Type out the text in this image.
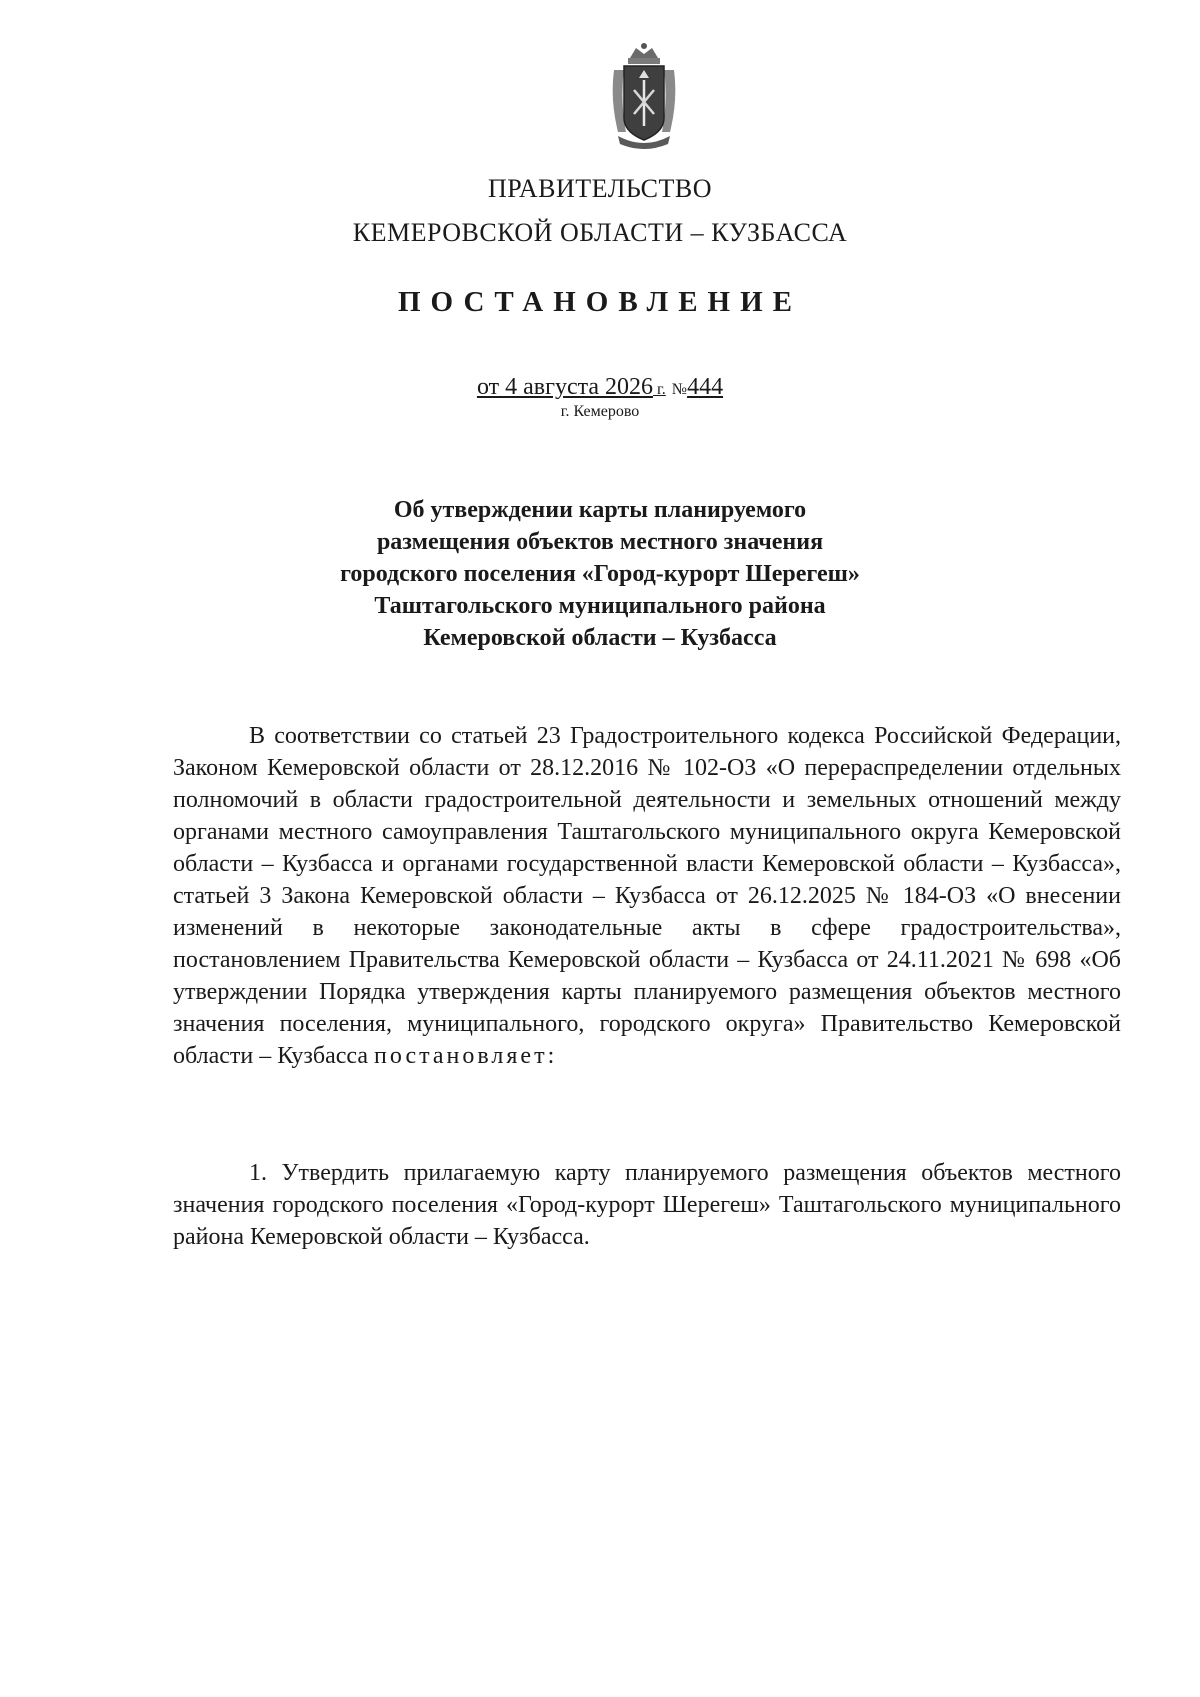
ПРАВИТЕЛЬСТВО
КЕМЕРОВСКОЙ ОБЛАСТИ – КУЗБАССА
ПОСТАНОВЛЕНИЕ
от 4 августа 2026 г. №444
г. Кемерово
Об утверждении карты планируемого
размещения объектов местного значения
городского поселения «Город-курорт Шерегеш»
Таштагольского муниципального района
Кемеровской области – Кузбасса

В соответствии со статьей 23 Градостроительного кодекса Российской Федерации, Законом Кемеровской области от 28.12.2016 № 102-ОЗ «О перераспределении отдельных полномочий в области градостроительной деятельности и земельных отношений между органами местного самоуправления Таштагольского муниципального округа Кемеровской области – Кузбасса и органами государственной власти Кемеровской области – Кузбасса», статьей 3 Закона Кемеровской области – Кузбасса от 26.12.2025 № 184-ОЗ «О внесении изменений в некоторые законодательные акты в сфере градостроительства», постановлением Правительства Кемеровской области – Кузбасса от 24.11.2021 № 698 «Об утверждении Порядка утверждения карты планируемого размещения объектов местного значения поселения, муниципального, городского округа» Правительство Кемеровской области – Кузбасса постановляет:

1. Утвердить прилагаемую карту планируемого размещения объектов местного значения городского поселения «Город-курорт Шерегеш» Таштагольского муниципального района Кемеровской области – Кузбасса.
